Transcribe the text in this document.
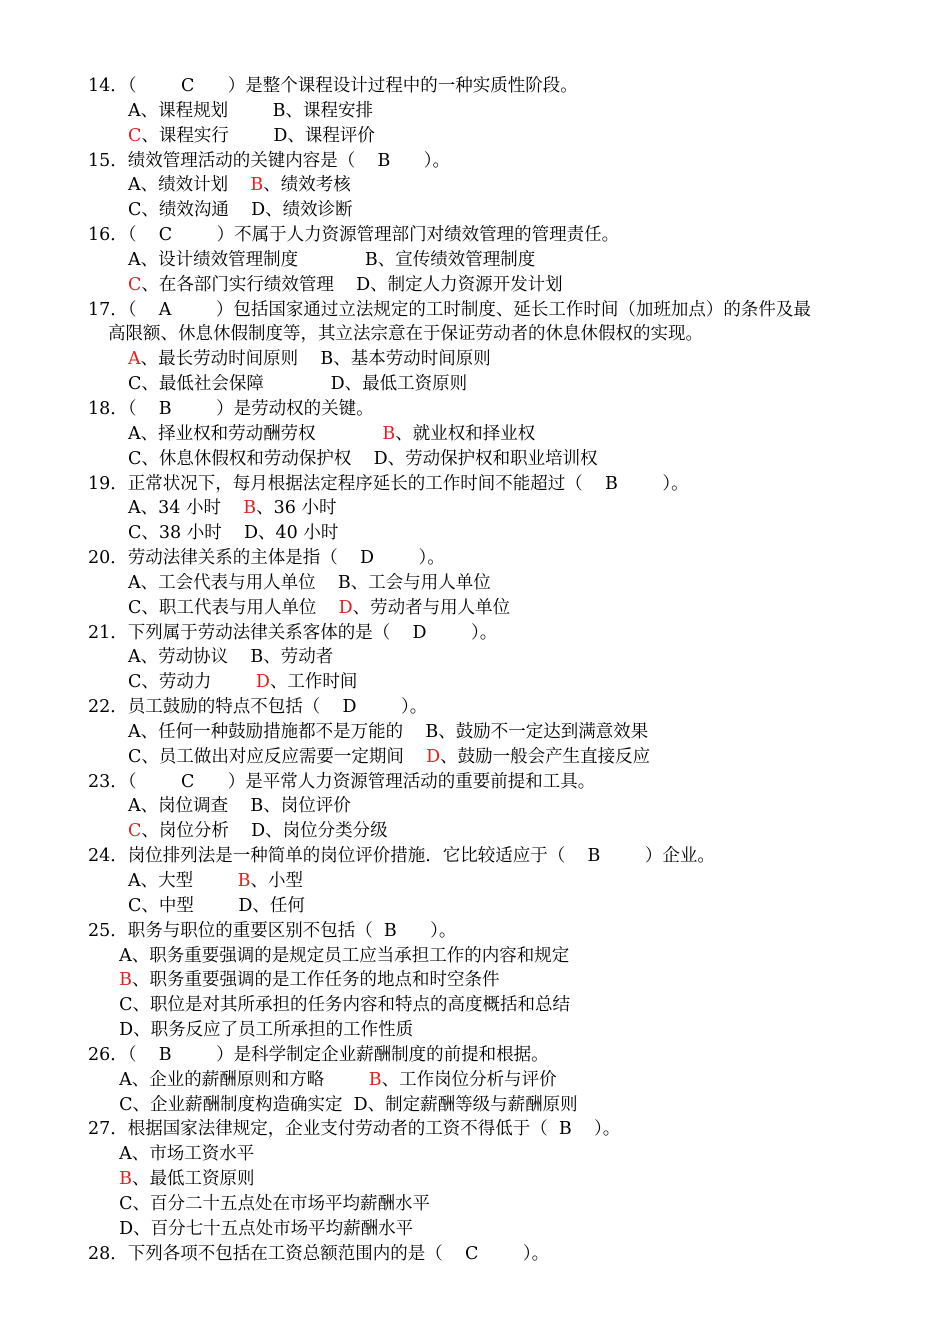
14．（        C      ）是整个课程设计过程中的一种实质性阶段。
A、课程规划        B、课程安排
C、课程实行        D、课程评价
15．绩效管理活动的关键内容是（    B      ）。
A、绩效计划    B、绩效考核
C、绩效沟通    D、绩效诊断
16．（    C        ）不属于人力资源管理部门对绩效管理的管理责任。
A、设计绩效管理制度            B、宣传绩效管理制度
C、在各部门实行绩效管理    D、制定人力资源开发计划
17．（    A        ）包括国家通过立法规定的工时制度、延长工作时间（加班加点）的条件及最
高限额、休息休假制度等，其立法宗意在于保证劳动者的休息休假权的实现。
A、最长劳动时间原则    B、基本劳动时间原则
C、最低社会保障            D、最低工资原则
18．（    B        ）是劳动权的关键。
A、择业权和劳动酬劳权            B、就业权和择业权
C、休息休假权和劳动保护权    D、劳动保护权和职业培训权
19．正常状况下，每月根据法定程序延长的工作时间不能超过（    B        ）。
A、34 小时    B、36 小时
C、38 小时    D、40 小时
20．劳动法律关系的主体是指（    D        ）。
A、工会代表与用人单位    B、工会与用人单位
C、职工代表与用人单位    D、劳动者与用人单位
21．下列属于劳动法律关系客体的是（    D        ）。
A、劳动协议    B、劳动者
C、劳动力        D、工作时间
22．员工鼓励的特点不包括（    D        ）。
A、任何一种鼓励措施都不是万能的    B、鼓励不一定达到满意效果
C、员工做出对应反应需要一定期间    D、鼓励一般会产生直接反应
23．（        C      ）是平常人力资源管理活动的重要前提和工具。
A、岗位调查    B、岗位评价
C、岗位分析    D、岗位分类分级
24．岗位排列法是一种简单的岗位评价措施．它比较适应于（    B        ）企业。
A、大型        B、小型
C、中型        D、任何
25．职务与职位的重要区别不包括（  B      ）。
A、职务重要强调的是规定员工应当承担工作的内容和规定
B、职务重要强调的是工作任务的地点和时空条件
C、职位是对其所承担的任务内容和特点的高度概括和总结
D、职务反应了员工所承担的工作性质
26．（    B        ）是科学制定企业薪酬制度的前提和根据。
A、企业的薪酬原则和方略        B、工作岗位分析与评价
C、企业薪酬制度构造确实定  D、制定薪酬等级与薪酬原则
27．根据国家法律规定，企业支付劳动者的工资不得低于（  B    ）。
A、市场工资水平
B、最低工资原则
C、百分二十五点处在市场平均薪酬水平
D、百分七十五点处市场平均薪酬水平
28．下列各项不包括在工资总额范围内的是（    C        ）。
